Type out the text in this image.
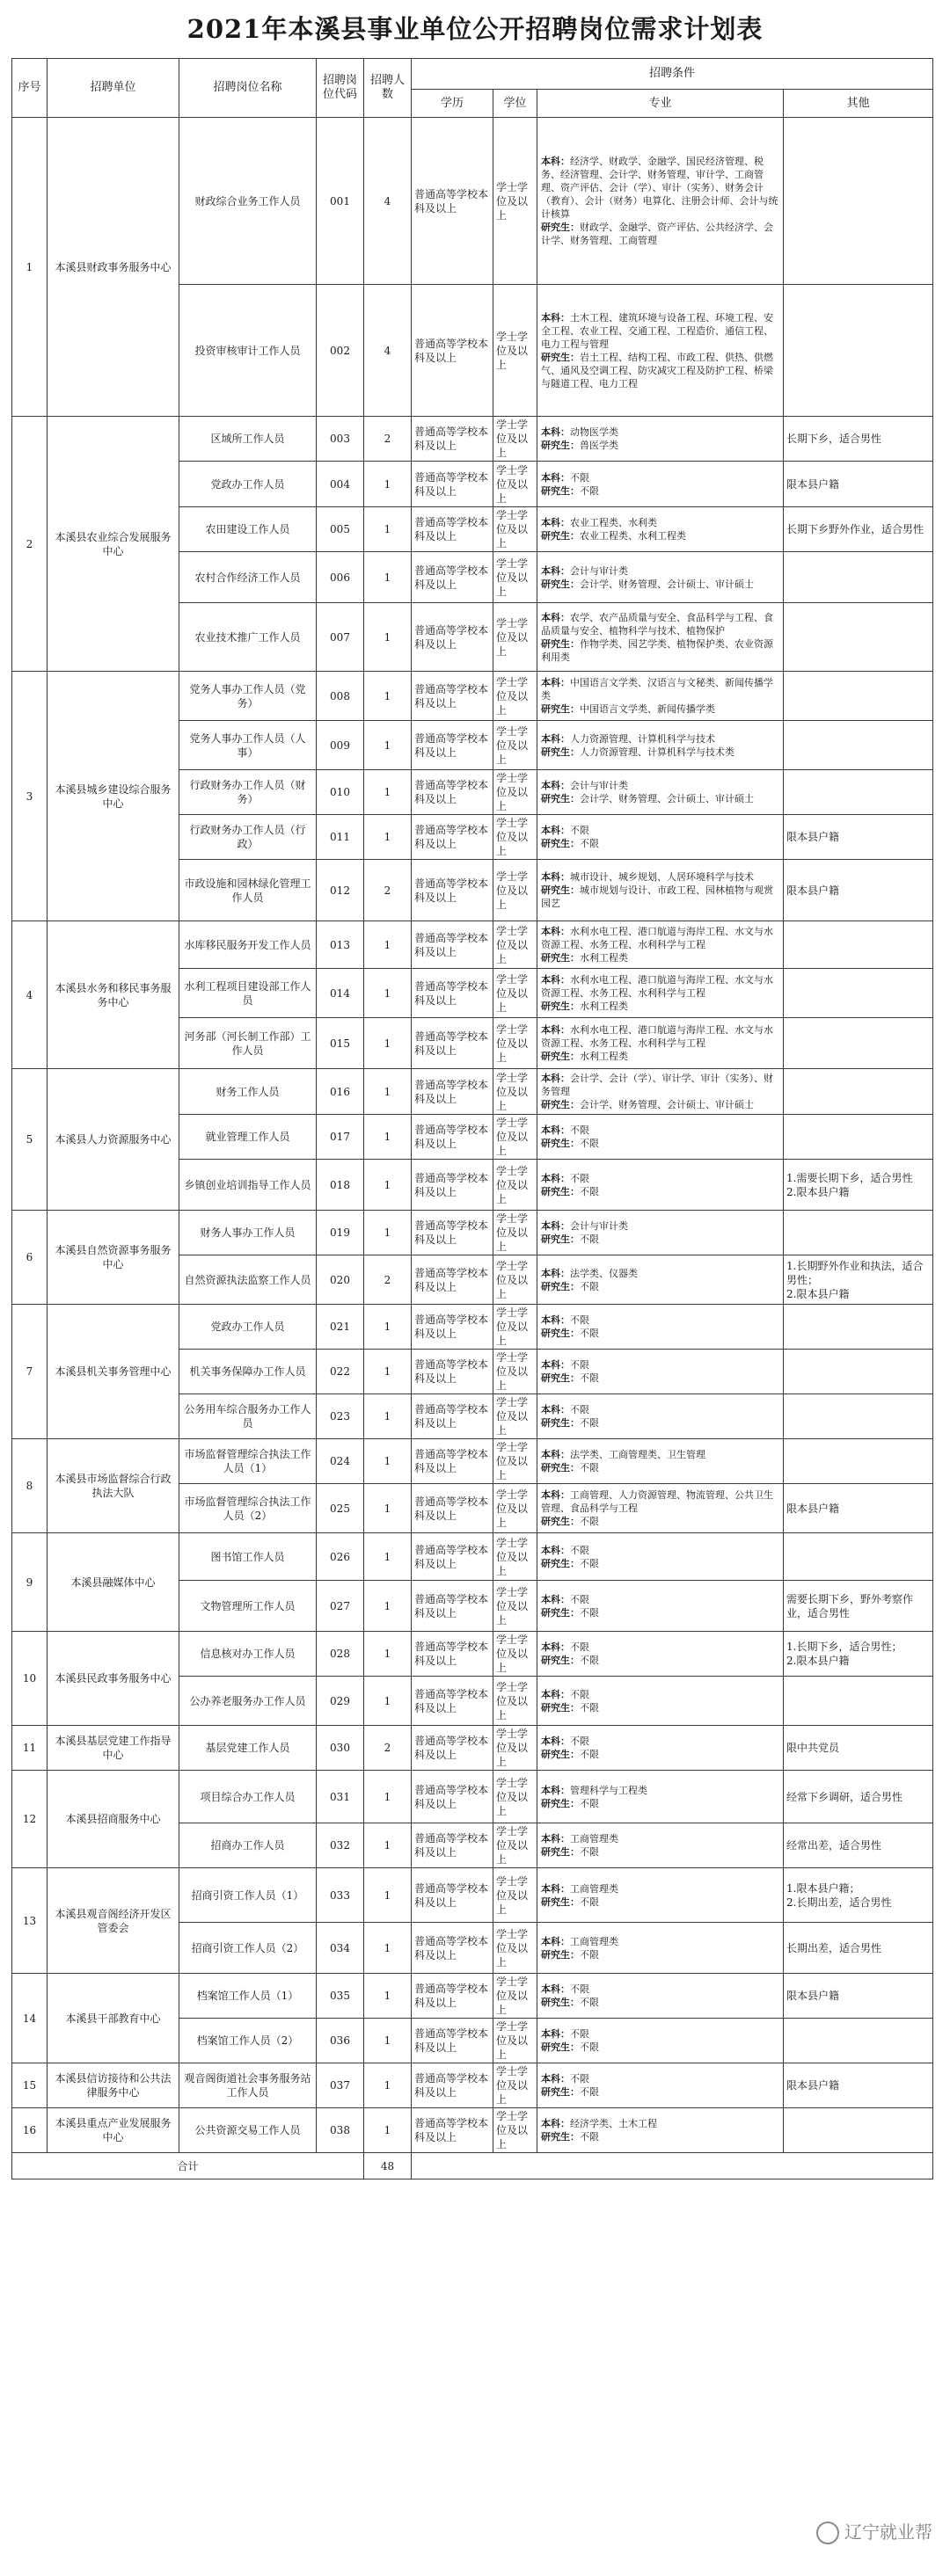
2021年本溪县事业单位公开招聘岗位需求计划表
序号	招聘单位	招聘岗位名称	招聘岗位代码	招聘人数	招聘条件			
					学历	学位	专业	其他
1	本溪县财政事务服务中心	财政综合业务工作人员	001	4	普通高等学校本科及以上	学士学位及以上	本科：经济学、财政学、金融学、国民经济管理、税务、经济管理、会计学、财务管理、审计学、工商管理、资产评估、会计（学）、审计（实务）、财务会计（教育）、会计（财务）电算化、注册会计师、会计与统计核算
研究生：财政学、金融学、资产评估、公共经济学、会计学、财务管理、工商管理	

		投资审核审计工作人员	002	4	普通高等学校本科及以上	学士学位及以上	本科：土木工程、建筑环境与设备工程、环境工程、安全工程、农业工程、交通工程、工程造价、通信工程、电力工程与管理
研究生：岩土工程、结构工程、市政工程、供热、供燃气、通风及空调工程、防灾减灾工程及防护工程、桥梁与隧道工程、电力工程	

2	本溪县农业综合发展服务中心	区域所工作人员	003	2	普通高等学校本科及以上	学士学位及以上	本科：动物医学类
研究生：兽医学类	长期下乡，适合男性
		党政办工作人员	004	1	普通高等学校本科及以上	学士学位及以上	本科：不限
研究生：不限	限本县户籍
		农田建设工作人员	005	1	普通高等学校本科及以上	学士学位及以上	本科：农业工程类、水利类
研究生：农业工程类、水利工程类	长期下乡野外作业，适合男性
		农村合作经济工作人员	006	1	普通高等学校本科及以上	学士学位及以上	本科：会计与审计类
研究生：会计学、财务管理、会计硕士、审计硕士	

		农业技术推广工作人员	007	1	普通高等学校本科及以上	学士学位及以上	本科：农学、农产品质量与安全、食品科学与工程、食品质量与安全、植物科学与技术、植物保护
研究生：作物学类、园艺学类、植物保护类、农业资源利用类	

3	本溪县城乡建设综合服务中心	党务人事办工作人员（党务）	008	1	普通高等学校本科及以上	学士学位及以上	本科：中国语言文学类、汉语言与文秘类、新闻传播学类
研究生：中国语言文学类、新闻传播学类	

		党务人事办工作人员（人事）	009	1	普通高等学校本科及以上	学士学位及以上	本科：人力资源管理、计算机科学与技术
研究生：人力资源管理、计算机科学与技术类	

		行政财务办工作人员（财务）	010	1	普通高等学校本科及以上	学士学位及以上	本科：会计与审计类
研究生：会计学、财务管理、会计硕士、审计硕士	

		行政财务办工作人员（行政）	011	1	普通高等学校本科及以上	学士学位及以上	本科：不限
研究生：不限	限本县户籍
		市政设施和园林绿化管理工作人员	012	2	普通高等学校本科及以上	学士学位及以上	本科：城市设计、城乡规划、人居环境科学与技术
研究生：城市规划与设计、市政工程、园林植物与观赏园艺	限本县户籍
4	本溪县水务和移民事务服务中心	水库移民服务开发工作人员	013	1	普通高等学校本科及以上	学士学位及以上	本科：水利水电工程、港口航道与海岸工程、水文与水资源工程、水务工程、水利科学与工程
研究生：水利工程类	

		水利工程项目建设部工作人员	014	1	普通高等学校本科及以上	学士学位及以上	本科：水利水电工程、港口航道与海岸工程、水文与水资源工程、水务工程、水利科学与工程
研究生：水利工程类	

		河务部（河长制工作部）工作人员	015	1	普通高等学校本科及以上	学士学位及以上	本科：水利水电工程、港口航道与海岸工程、水文与水资源工程、水务工程、水利科学与工程
研究生：水利工程类	

5	本溪县人力资源服务中心	财务工作人员	016	1	普通高等学校本科及以上	学士学位及以上	本科：会计学、会计（学）、审计学、审计（实务）、财务管理
研究生：会计学、财务管理、会计硕士、审计硕士	

		就业管理工作人员	017	1	普通高等学校本科及以上	学士学位及以上	本科：不限
研究生：不限	

		乡镇创业培训指导工作人员	018	1	普通高等学校本科及以上	学士学位及以上	本科：不限
研究生：不限	1.需要长期下乡，适合男性
2.限本县户籍
6	本溪县自然资源事务服务中心	财务人事办工作人员	019	1	普通高等学校本科及以上	学士学位及以上	本科：会计与审计类
研究生：不限	

		自然资源执法监察工作人员	020	2	普通高等学校本科及以上	学士学位及以上	本科：法学类、仪器类
研究生：不限	1.长期野外作业和执法，适合男性；
2.限本县户籍
7	本溪县机关事务管理中心	党政办工作人员	021	1	普通高等学校本科及以上	学士学位及以上	本科：不限
研究生：不限	

		机关事务保障办工作人员	022	1	普通高等学校本科及以上	学士学位及以上	本科：不限
研究生：不限	

		公务用车综合服务办工作人员	023	1	普通高等学校本科及以上	学士学位及以上	本科：不限
研究生：不限	

8	本溪县市场监督综合行政执法大队	市场监督管理综合执法工作人员（1）	024	1	普通高等学校本科及以上	学士学位及以上	本科：法学类、工商管理类、卫生管理
研究生：不限	

		市场监督管理综合执法工作人员（2）	025	1	普通高等学校本科及以上	学士学位及以上	本科：工商管理、人力资源管理、物流管理、公共卫生管理、食品科学与工程
研究生：不限	限本县户籍
9	本溪县融媒体中心	图书馆工作人员	026	1	普通高等学校本科及以上	学士学位及以上	本科：不限
研究生：不限	

		文物管理所工作人员	027	1	普通高等学校本科及以上	学士学位及以上	本科：不限
研究生：不限	需要长期下乡，野外考察作业，适合男性
10	本溪县民政事务服务中心	信息核对办工作人员	028	1	普通高等学校本科及以上	学士学位及以上	本科：不限
研究生：不限	1.长期下乡，适合男性；
2.限本县户籍
		公办养老服务办工作人员	029	1	普通高等学校本科及以上	学士学位及以上	本科：不限
研究生：不限	

11	本溪县基层党建工作指导中心	基层党建工作人员	030	2	普通高等学校本科及以上	学士学位及以上	本科：不限
研究生：不限	限中共党员
12	本溪县招商服务中心	项目综合办工作人员	031	1	普通高等学校本科及以上	学士学位及以上	本科：管理科学与工程类
研究生：不限	经常下乡调研，适合男性
		招商办工作人员	032	1	普通高等学校本科及以上	学士学位及以上	本科：工商管理类
研究生：不限	经常出差，适合男性
13	本溪县观音阁经济开发区管委会	招商引资工作人员（1）	033	1	普通高等学校本科及以上	学士学位及以上	本科：工商管理类
研究生：不限	1.限本县户籍；
2.长期出差，适合男性
		招商引资工作人员（2）	034	1	普通高等学校本科及以上	学士学位及以上	本科：工商管理类
研究生：不限	长期出差，适合男性
14	本溪县干部教育中心	档案馆工作人员（1）	035	1	普通高等学校本科及以上	学士学位及以上	本科：不限
研究生：不限	限本县户籍
		档案馆工作人员（2）	036	1	普通高等学校本科及以上	学士学位及以上	本科：不限
研究生：不限	

15	本溪县信访接待和公共法律服务中心	观音阁街道社会事务服务站工作人员	037	1	普通高等学校本科及以上	学士学位及以上	本科：不限
研究生：不限	限本县户籍
16	本溪县重点产业发展服务中心	公共资源交易工作人员	038	1	普通高等学校本科及以上	学士学位及以上	本科：经济学类、土木工程
研究生：不限	

合计				48				
辽宁就业帮
